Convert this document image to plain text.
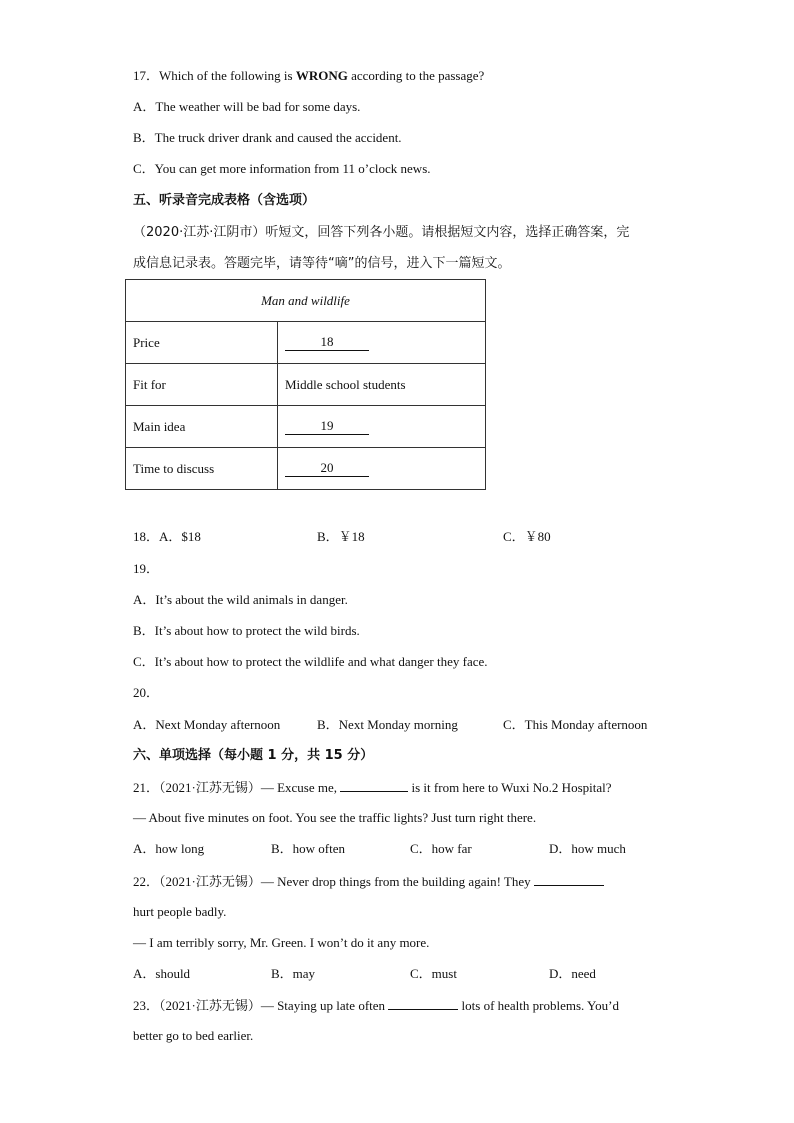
17．Which of the following is WRONG according to the passage?
A．The weather will be bad for some days.
B．The truck driver drank and caused the accident.
C．You can get more information from 11 o’clock news.
五、听录音完成表格（含选项）
（2020·江苏·江阴市）听短文，回答下列各小题。请根据短文内容，选择正确答案，完
成信息记录表。答题完毕，请等待“嘀”的信号，进入下一篇短文。
Man and wildlife	
Price	18
Fit for	Middle school students
Main idea	19
Time to discuss	20
18．A．$18	B．￥18	C．￥80
19．
A．It’s about the wild animals in danger.
B．It’s about how to protect the wild birds.
C．It’s about how to protect the wildlife and what danger they face.
20．
A．Next Monday afternoon	B．Next Monday morning	C．This Monday afternoon
六、单项选择（每小题 1 分，共 15 分）
21．（2021·江苏无锡）— Excuse me,	is it from here to Wuxi No.2 Hospital?
— About five minutes on foot. You see the traffic lights? Just turn right there.
A．how long	B．how often	C．how far	D．how much
22．（2021·江苏无锡）— Never drop things from the building again! They
hurt people badly.
— I am terribly sorry, Mr. Green. I won’t do it any more.
A．should	B．may	C．must	D．need
23．（2021·江苏无锡）— Staying up late often	lots of health problems. You’d
better go to bed earlier.
